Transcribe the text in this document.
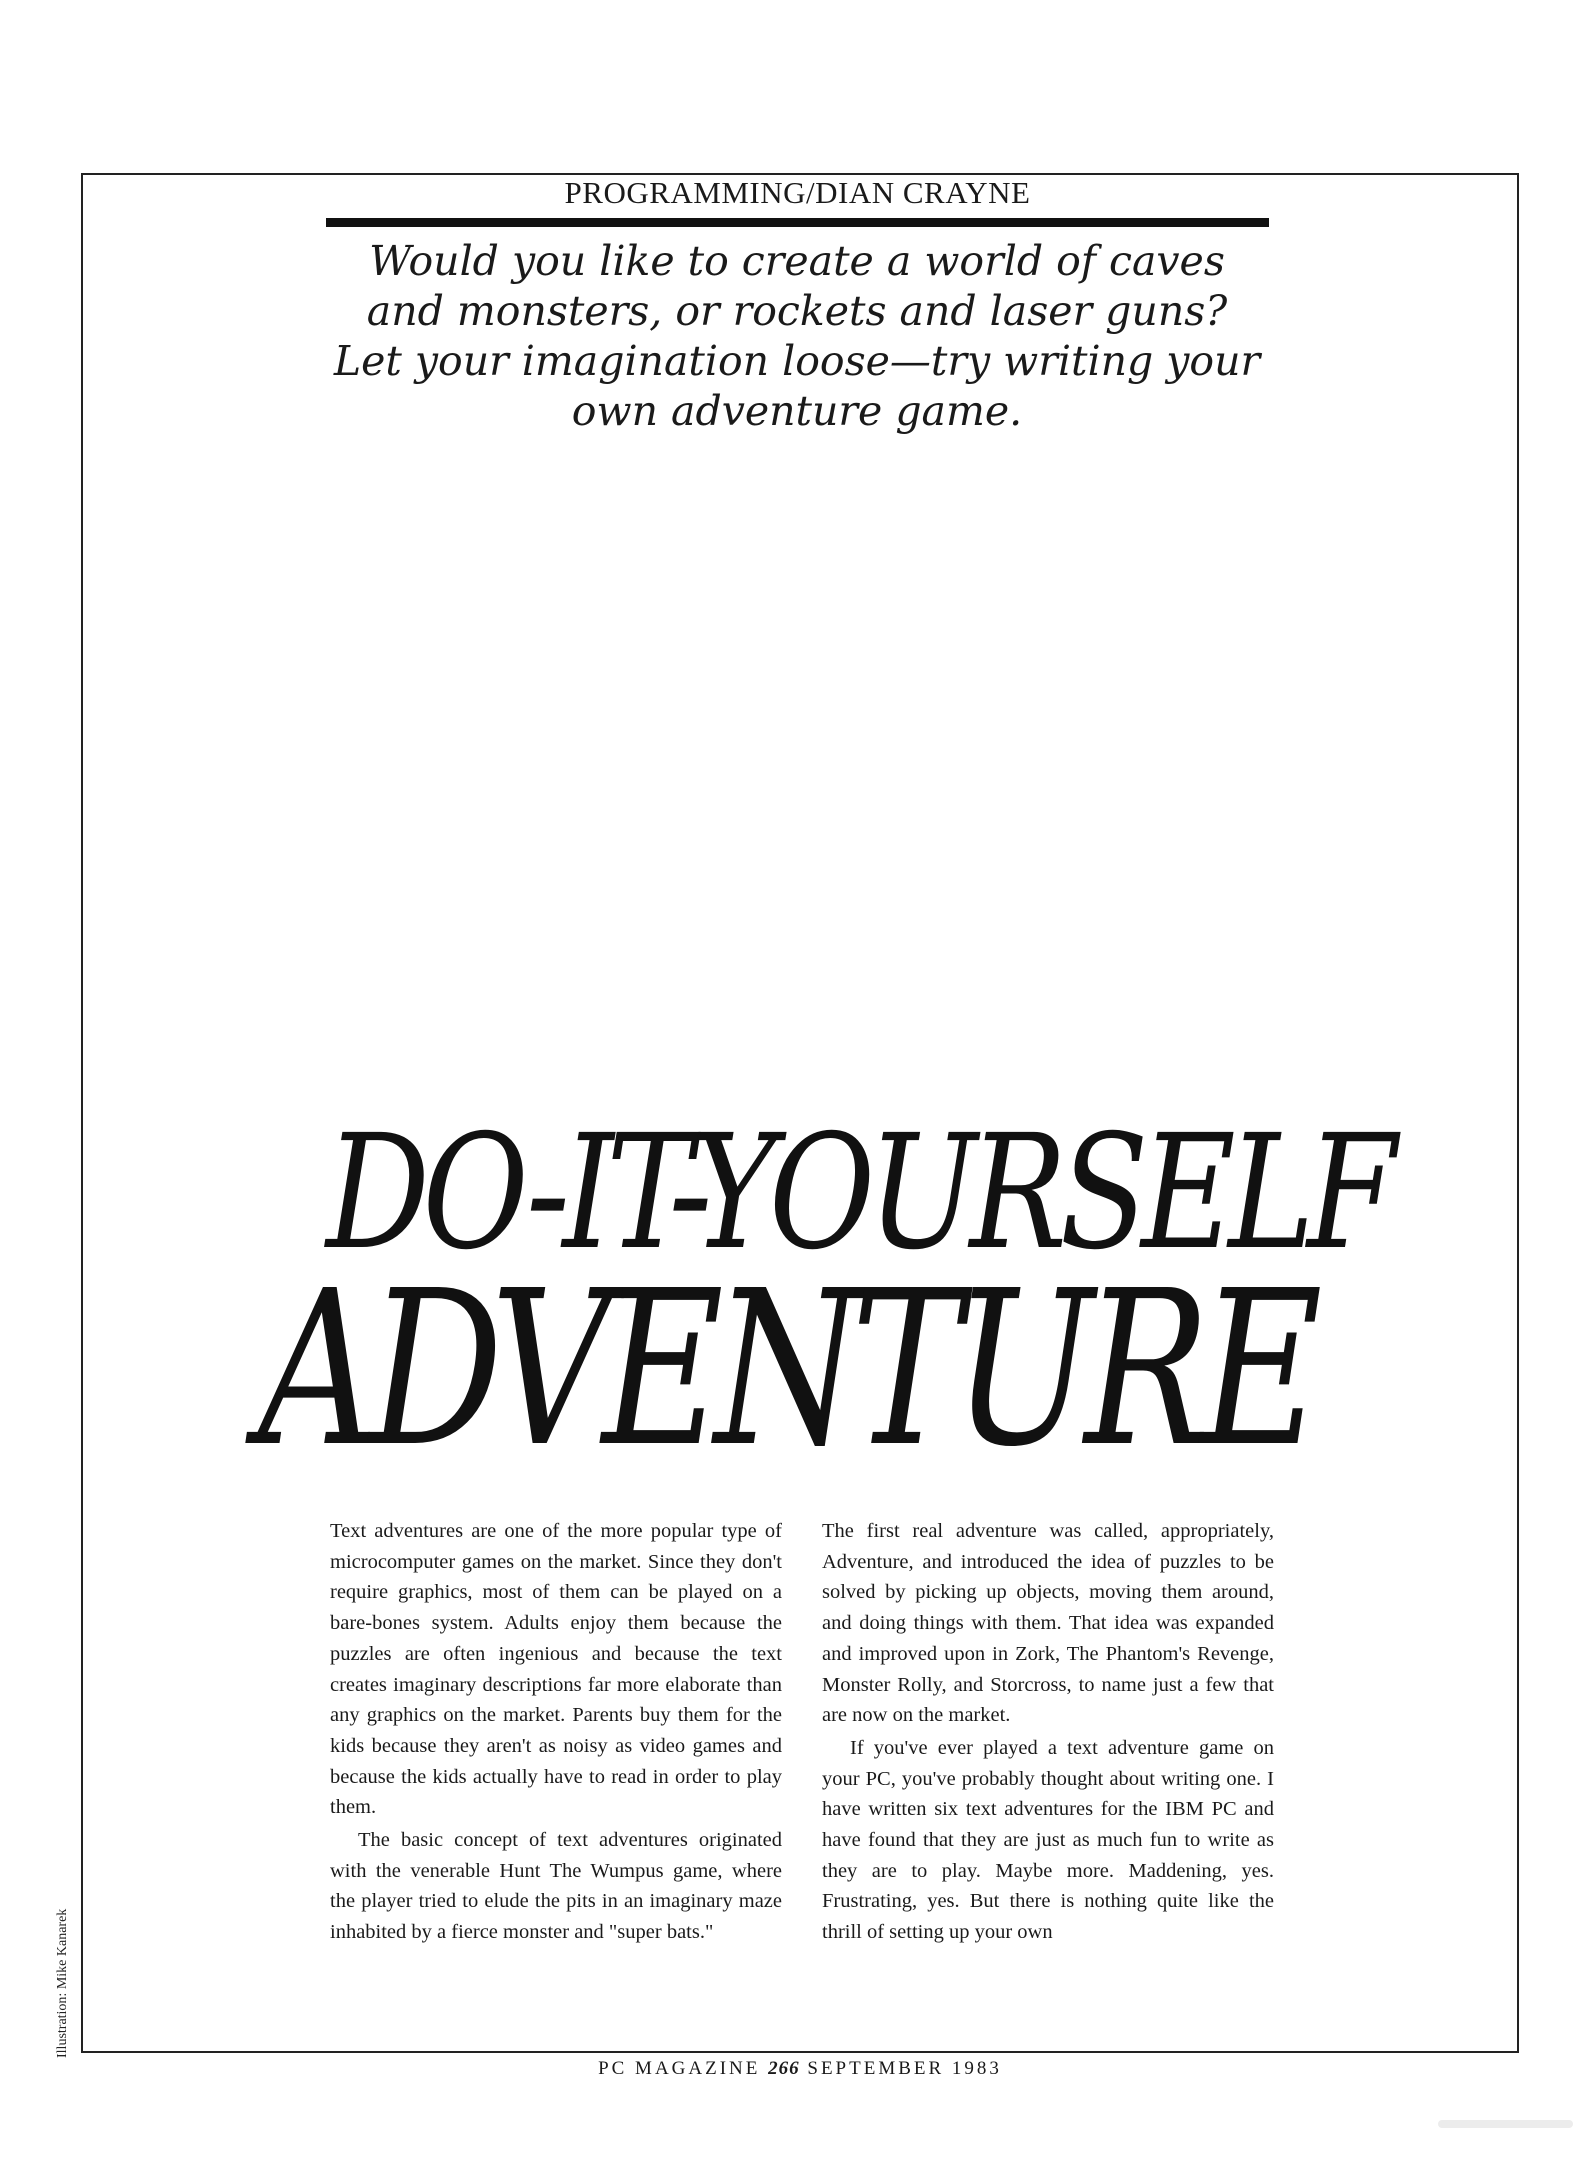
PROGRAMMING/DIAN CRAYNE
Would you like to create a world of caves and monsters, or rockets and laser guns? Let your imagination loose—try writing your own adventure game.
DO-IT-YOURSELF
ADVENTURE

Text adventures are one of the more popular type of microcomputer games on the market. Since they don't require graphics, most of them can be played on a bare-bones system. Adults enjoy them because the puzzles are often ingenious and because the text creates imaginary descriptions far more elaborate than any graphics on the market. Parents buy them for the kids because they aren't as noisy as video games and because the kids actually have to read in order to play them.

The basic concept of text adventures originated with the venerable Hunt The Wumpus game, where the player tried to elude the pits in an imaginary maze inhabited by a fierce monster and "super bats."

The first real adventure was called, appropriately, Adventure, and introduced the idea of puzzles to be solved by picking up objects, moving them around, and doing things with them. That idea was expanded and improved upon in Zork, The Phantom's Revenge, Monster Rolly, and Storcross, to name just a few that are now on the market.

If you've ever played a text adventure game on your PC, you've probably thought about writing one. I have written six text adventures for the IBM PC and have found that they are just as much fun to write as they are to play. Maybe more. Maddening, yes. Frustrating, yes. But there is nothing quite like the thrill of setting up your own

PC MAGAZINE 266 SEPTEMBER 1983
Illustration: Mike Kanarek
